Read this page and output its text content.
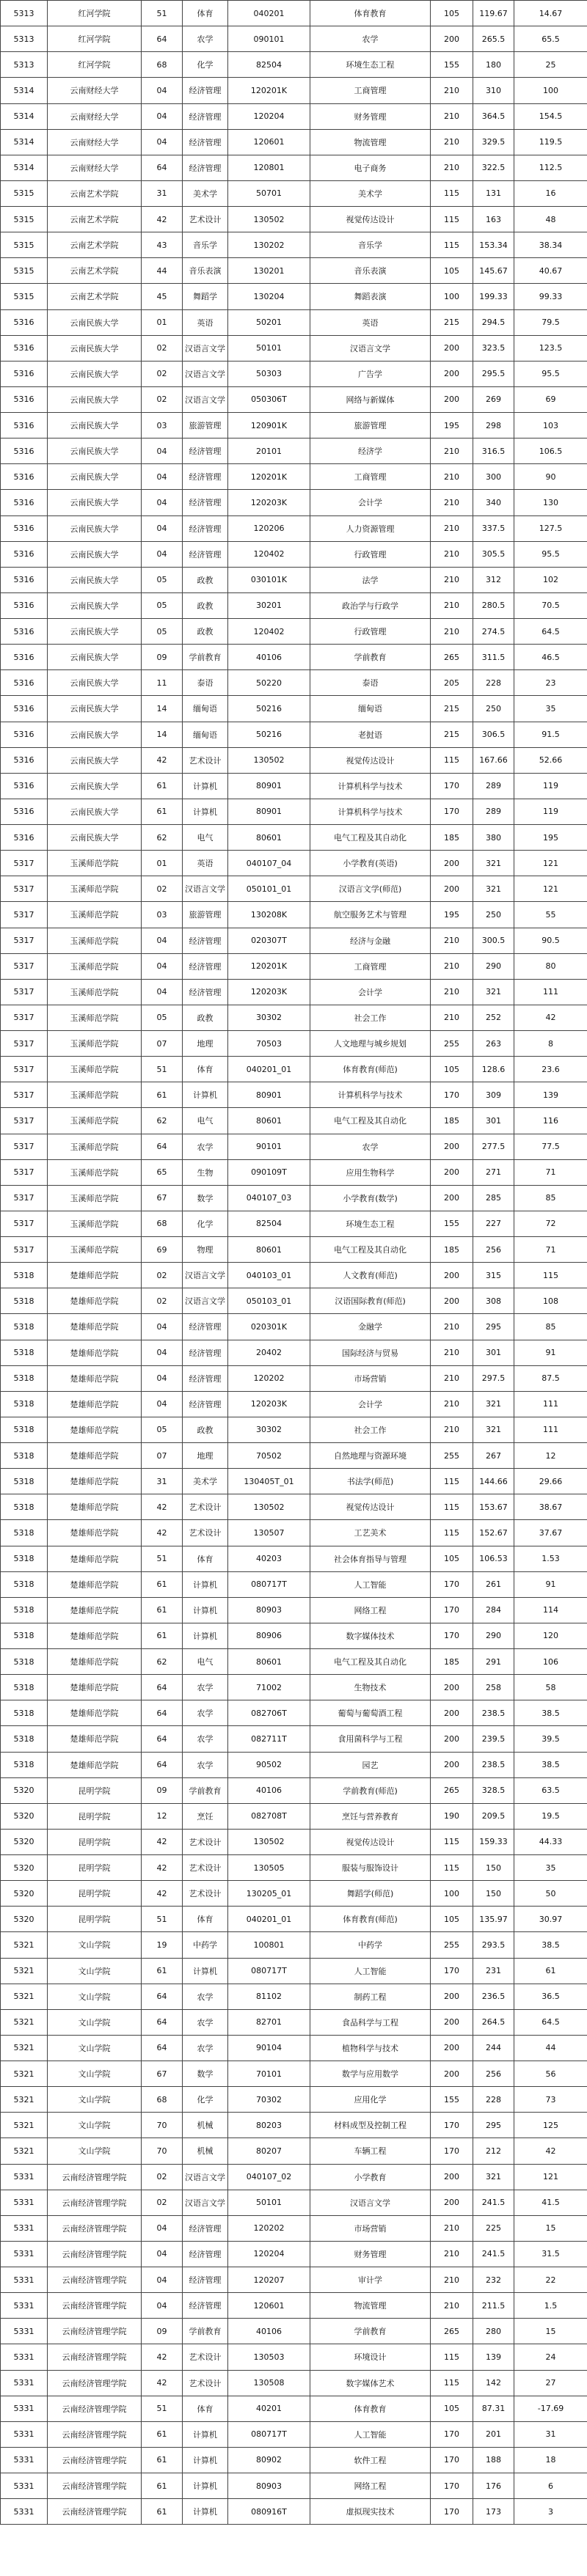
5313	红河学院	51	体育	040201	体育教育	105	119.67	14.67
5313	红河学院	64	农学	090101	农学	200	265.5	65.5
5313	红河学院	68	化学	82504	环境生态工程	155	180	25
5314	云南财经大学	04	经济管理	120201K	工商管理	210	310	100
5314	云南财经大学	04	经济管理	120204	财务管理	210	364.5	154.5
5314	云南财经大学	04	经济管理	120601	物流管理	210	329.5	119.5
5314	云南财经大学	64	经济管理	120801	电子商务	210	322.5	112.5
5315	云南艺术学院	31	美术学	50701	美术学	115	131	16
5315	云南艺术学院	42	艺术设计	130502	视觉传达设计	115	163	48
5315	云南艺术学院	43	音乐学	130202	音乐学	115	153.34	38.34
5315	云南艺术学院	44	音乐表演	130201	音乐表演	105	145.67	40.67
5315	云南艺术学院	45	舞蹈学	130204	舞蹈表演	100	199.33	99.33
5316	云南民族大学	01	英语	50201	英语	215	294.5	79.5
5316	云南民族大学	02	汉语言文学	50101	汉语言文学	200	323.5	123.5
5316	云南民族大学	02	汉语言文学	50303	广告学	200	295.5	95.5
5316	云南民族大学	02	汉语言文学	050306T	网络与新媒体	200	269	69
5316	云南民族大学	03	旅游管理	120901K	旅游管理	195	298	103
5316	云南民族大学	04	经济管理	20101	经济学	210	316.5	106.5
5316	云南民族大学	04	经济管理	120201K	工商管理	210	300	90
5316	云南民族大学	04	经济管理	120203K	会计学	210	340	130
5316	云南民族大学	04	经济管理	120206	人力资源管理	210	337.5	127.5
5316	云南民族大学	04	经济管理	120402	行政管理	210	305.5	95.5
5316	云南民族大学	05	政教	030101K	法学	210	312	102
5316	云南民族大学	05	政教	30201	政治学与行政学	210	280.5	70.5
5316	云南民族大学	05	政教	120402	行政管理	210	274.5	64.5
5316	云南民族大学	09	学前教育	40106	学前教育	265	311.5	46.5
5316	云南民族大学	11	泰语	50220	泰语	205	228	23
5316	云南民族大学	14	缅甸语	50216	缅甸语	215	250	35
5316	云南民族大学	14	缅甸语	50216	老挝语	215	306.5	91.5
5316	云南民族大学	42	艺术设计	130502	视觉传达设计	115	167.66	52.66
5316	云南民族大学	61	计算机	80901	计算机科学与技术	170	289	119
5316	云南民族大学	61	计算机	80901	计算机科学与技术	170	289	119
5316	云南民族大学	62	电气	80601	电气工程及其自动化	185	380	195
5317	玉溪师范学院	01	英语	040107_04	小学教育(英语)	200	321	121
5317	玉溪师范学院	02	汉语言文学	050101_01	汉语言文学(师范)	200	321	121
5317	玉溪师范学院	03	旅游管理	130208K	航空服务艺术与管理	195	250	55
5317	玉溪师范学院	04	经济管理	020307T	经济与金融	210	300.5	90.5
5317	玉溪师范学院	04	经济管理	120201K	工商管理	210	290	80
5317	玉溪师范学院	04	经济管理	120203K	会计学	210	321	111
5317	玉溪师范学院	05	政教	30302	社会工作	210	252	42
5317	玉溪师范学院	07	地理	70503	人文地理与城乡规划	255	263	8
5317	玉溪师范学院	51	体育	040201_01	体育教育(师范)	105	128.6	23.6
5317	玉溪师范学院	61	计算机	80901	计算机科学与技术	170	309	139
5317	玉溪师范学院	62	电气	80601	电气工程及其自动化	185	301	116
5317	玉溪师范学院	64	农学	90101	农学	200	277.5	77.5
5317	玉溪师范学院	65	生物	090109T	应用生物科学	200	271	71
5317	玉溪师范学院	67	数学	040107_03	小学教育(数学)	200	285	85
5317	玉溪师范学院	68	化学	82504	环境生态工程	155	227	72
5317	玉溪师范学院	69	物理	80601	电气工程及其自动化	185	256	71
5318	楚雄师范学院	02	汉语言文学	040103_01	人文教育(师范)	200	315	115
5318	楚雄师范学院	02	汉语言文学	050103_01	汉语国际教育(师范)	200	308	108
5318	楚雄师范学院	04	经济管理	020301K	金融学	210	295	85
5318	楚雄师范学院	04	经济管理	20402	国际经济与贸易	210	301	91
5318	楚雄师范学院	04	经济管理	120202	市场营销	210	297.5	87.5
5318	楚雄师范学院	04	经济管理	120203K	会计学	210	321	111
5318	楚雄师范学院	05	政教	30302	社会工作	210	321	111
5318	楚雄师范学院	07	地理	70502	自然地理与资源环境	255	267	12
5318	楚雄师范学院	31	美术学	130405T_01	书法学(师范)	115	144.66	29.66
5318	楚雄师范学院	42	艺术设计	130502	视觉传达设计	115	153.67	38.67
5318	楚雄师范学院	42	艺术设计	130507	工艺美术	115	152.67	37.67
5318	楚雄师范学院	51	体育	40203	社会体育指导与管理	105	106.53	1.53
5318	楚雄师范学院	61	计算机	080717T	人工智能	170	261	91
5318	楚雄师范学院	61	计算机	80903	网络工程	170	284	114
5318	楚雄师范学院	61	计算机	80906	数字媒体技术	170	290	120
5318	楚雄师范学院	62	电气	80601	电气工程及其自动化	185	291	106
5318	楚雄师范学院	64	农学	71002	生物技术	200	258	58
5318	楚雄师范学院	64	农学	082706T	葡萄与葡萄酒工程	200	238.5	38.5
5318	楚雄师范学院	64	农学	082711T	食用菌科学与工程	200	239.5	39.5
5318	楚雄师范学院	64	农学	90502	园艺	200	238.5	38.5
5320	昆明学院	09	学前教育	40106	学前教育(师范)	265	328.5	63.5
5320	昆明学院	12	烹饪	082708T	烹饪与营养教育	190	209.5	19.5
5320	昆明学院	42	艺术设计	130502	视觉传达设计	115	159.33	44.33
5320	昆明学院	42	艺术设计	130505	服装与服饰设计	115	150	35
5320	昆明学院	42	艺术设计	130205_01	舞蹈学(师范)	100	150	50
5320	昆明学院	51	体育	040201_01	体育教育(师范)	105	135.97	30.97
5321	文山学院	19	中药学	100801	中药学	255	293.5	38.5
5321	文山学院	61	计算机	080717T	人工智能	170	231	61
5321	文山学院	64	农学	81102	制药工程	200	236.5	36.5
5321	文山学院	64	农学	82701	食品科学与工程	200	264.5	64.5
5321	文山学院	64	农学	90104	植物科学与技术	200	244	44
5321	文山学院	67	数学	70101	数学与应用数学	200	256	56
5321	文山学院	68	化学	70302	应用化学	155	228	73
5321	文山学院	70	机械	80203	材料成型及控制工程	170	295	125
5321	文山学院	70	机械	80207	车辆工程	170	212	42
5331	云南经济管理学院	02	汉语言文学	040107_02	小学教育	200	321	121
5331	云南经济管理学院	02	汉语言文学	50101	汉语言文学	200	241.5	41.5
5331	云南经济管理学院	04	经济管理	120202	市场营销	210	225	15
5331	云南经济管理学院	04	经济管理	120204	财务管理	210	241.5	31.5
5331	云南经济管理学院	04	经济管理	120207	审计学	210	232	22
5331	云南经济管理学院	04	经济管理	120601	物流管理	210	211.5	1.5
5331	云南经济管理学院	09	学前教育	40106	学前教育	265	280	15
5331	云南经济管理学院	42	艺术设计	130503	环境设计	115	139	24
5331	云南经济管理学院	42	艺术设计	130508	数字媒体艺术	115	142	27
5331	云南经济管理学院	51	体育	40201	体育教育	105	87.31	-17.69
5331	云南经济管理学院	61	计算机	080717T	人工智能	170	201	31
5331	云南经济管理学院	61	计算机	80902	软件工程	170	188	18
5331	云南经济管理学院	61	计算机	80903	网络工程	170	176	6
5331	云南经济管理学院	61	计算机	080916T	虚拟现实技术	170	173	3
